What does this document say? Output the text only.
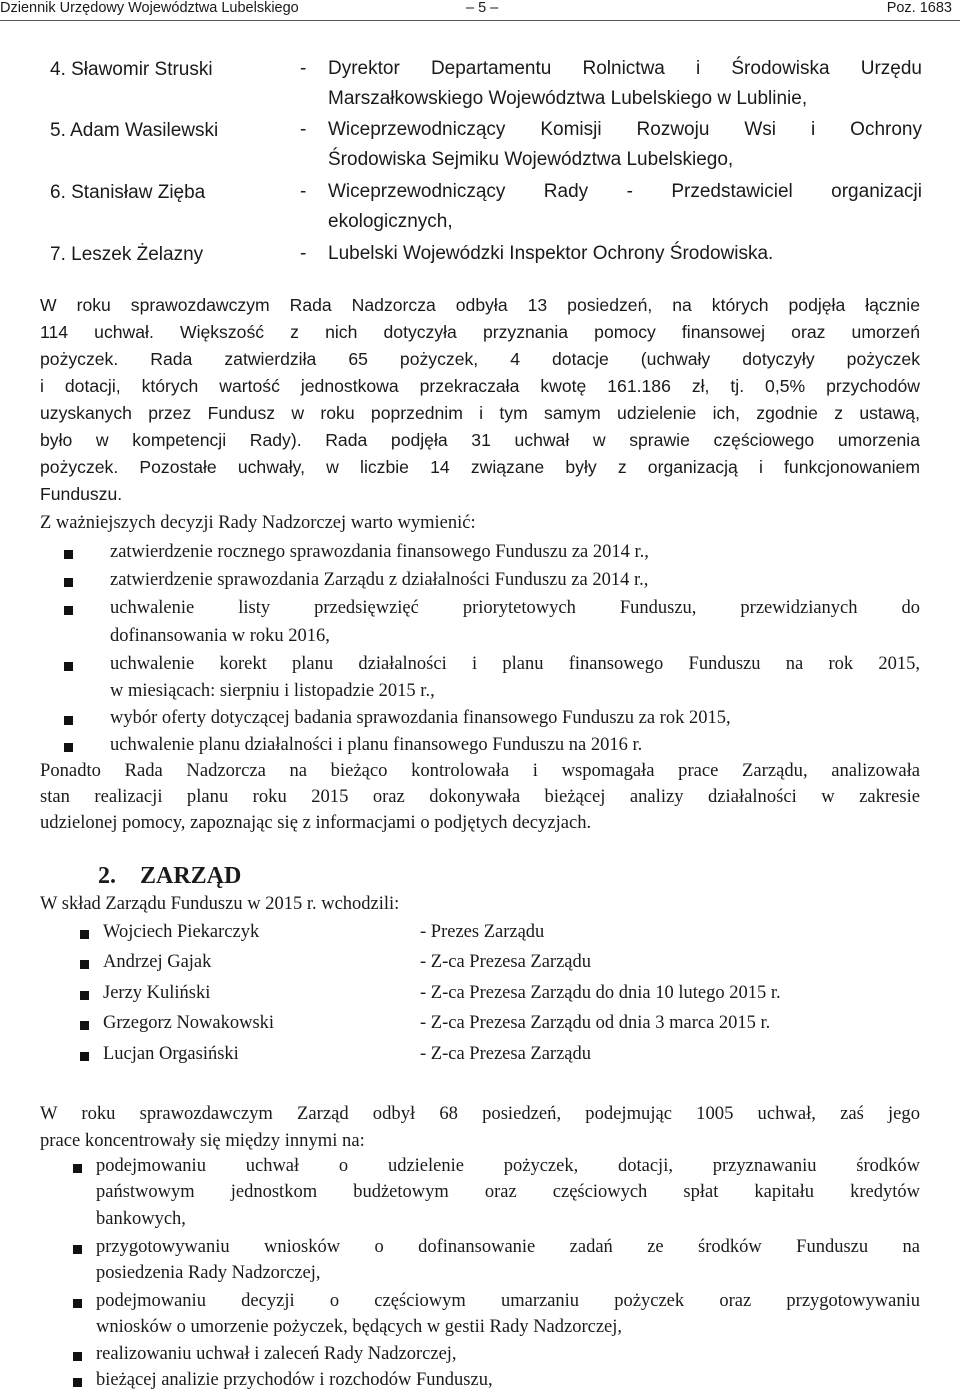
Dziennik Urzędowy Województwa Lubelskiego	– 5 –	Poz. 1683
4. Sławomir Struski	- Dyrektor Departamentu Rolnictwa i Środowiska Urzędu
Marszałkowskiego Województwa Lubelskiego w Lublinie,
5. Adam Wasilewski	- Wiceprzewodniczący Komisji Rozwoju Wsi i Ochrony
Środowiska Sejmiku Województwa Lubelskiego,
6. Stanisław Zięba	- Wiceprzewodniczący Rady - Przedstawiciel organizacji
ekologicznych,
7. Leszek Żelazny	- Lubelski Wojewódzki Inspektor Ochrony Środowiska.
W roku sprawozdawczym Rada Nadzorcza odbyła 13 posiedzeń, na których podjęła łącznie
114 uchwał. Większość z nich dotyczyła przyznania pomocy finansowej oraz umorzeń
pożyczek. Rada zatwierdziła 65 pożyczek, 4 dotacje (uchwały dotyczyły pożyczek
i dotacji, których wartość jednostkowa przekraczała kwotę 161.186 zł, tj. 0,5% przychodów
uzyskanych przez Fundusz w roku poprzednim i tym samym udzielenie ich, zgodnie z ustawą,
było w kompetencji Rady). Rada podjęła 31 uchwał w sprawie częściowego umorzenia
pożyczek. Pozostałe uchwały, w liczbie 14 związane były z organizacją i funkcjonowaniem
Funduszu.
Z ważniejszych decyzji Rady Nadzorczej warto wymienić:
zatwierdzenie rocznego sprawozdania finansowego Funduszu za 2014 r.,
zatwierdzenie sprawozdania Zarządu z działalności Funduszu za 2014 r.,
uchwalenie listy przedsięwzięć priorytetowych Funduszu, przewidzianych do
dofinansowania w roku 2016,
uchwalenie korekt planu działalności i planu finansowego Funduszu na rok 2015,
w miesiącach: sierpniu i listopadzie 2015 r.,
wybór oferty dotyczącej badania sprawozdania finansowego Funduszu za rok 2015,
uchwalenie planu działalności i planu finansowego Funduszu na 2016 r.
Ponadto Rada Nadzorcza na bieżąco kontrolowała i wspomagała prace Zarządu, analizowała
stan realizacji planu roku 2015 oraz dokonywała bieżącej analizy działalności w zakresie
udzielonej pomocy, zapoznając się z informacjami o podjętych decyzjach.
2. ZARZĄD
W skład Zarządu Funduszu w 2015 r. wchodzili:
Wojciech Piekarczyk	- Prezes Zarządu
Andrzej Gajak	- Z-ca Prezesa Zarządu
Jerzy Kuliński	- Z-ca Prezesa Zarządu do dnia 10 lutego 2015 r.
Grzegorz Nowakowski	- Z-ca Prezesa Zarządu od dnia 3 marca 2015 r.
Lucjan Orgasiński	- Z-ca Prezesa Zarządu
W roku sprawozdawczym Zarząd odbył 68 posiedzeń, podejmując 1005 uchwał, zaś jego
prace koncentrowały się między innymi na:
podejmowaniu uchwał o udzielenie pożyczek, dotacji, przyznawaniu środków
państwowym jednostkom budżetowym oraz częściowych spłat kapitału kredytów
bankowych,
przygotowywaniu wniosków o dofinansowanie zadań ze środków Funduszu na
posiedzenia Rady Nadzorczej,
podejmowaniu decyzji o częściowym umarzaniu pożyczek oraz przygotowywaniu
wniosków o umorzenie pożyczek, będących w gestii Rady Nadzorczej,
realizowaniu uchwał i zaleceń Rady Nadzorczej,
bieżącej analizie przychodów i rozchodów Funduszu,
